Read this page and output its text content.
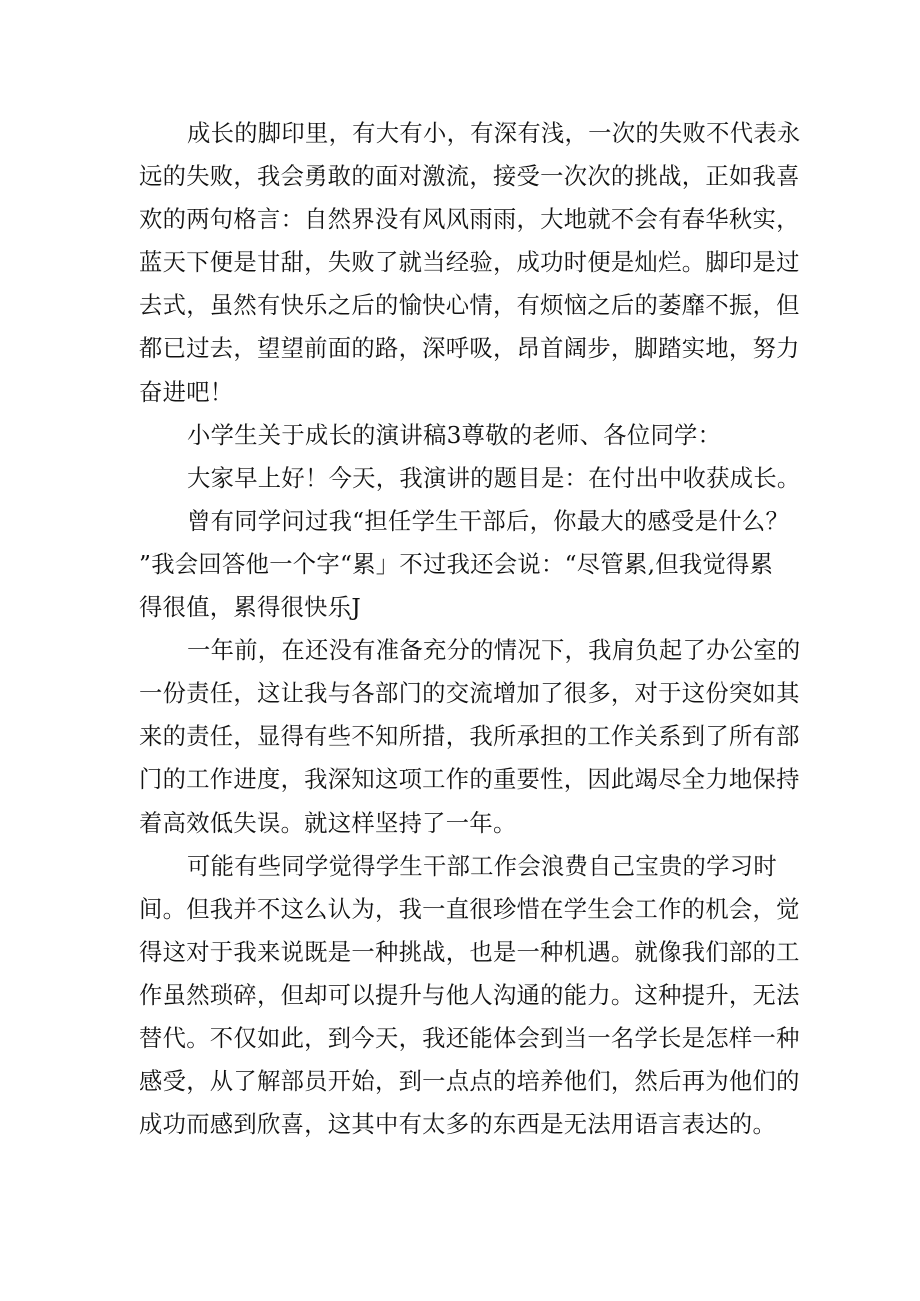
成长的脚印里，有大有小，有深有浅，一次的失败不代表永
远的失败，我会勇敢的面对激流，接受一次次的挑战，正如我喜
欢的两句格言：自然界没有风风雨雨，大地就不会有春华秋实，
蓝天下便是甘甜，失败了就当经验，成功时便是灿烂。脚印是过
去式，虽然有快乐之后的愉快心情，有烦恼之后的萎靡不振，但
都已过去，望望前面的路，深呼吸，昂首阔步，脚踏实地，努力
奋进吧！
小学生关于成长的演讲稿3尊敬的老师、各位同学：
大家早上好！今天，我演讲的题目是：在付出中收获成长。
曾有同学问过我“担任学生干部后，你最大的感受是什么？
”我会回答他一个字“累」不过我还会说：“尽管累,但我觉得累
得很值，累得很快乐J
一年前，在还没有准备充分的情况下，我肩负起了办公室的
一份责任，这让我与各部门的交流增加了很多，对于这份突如其
来的责任，显得有些不知所措，我所承担的工作关系到了所有部
门的工作进度，我深知这项工作的重要性，因此竭尽全力地保持
着高效低失误。就这样坚持了一年。
可能有些同学觉得学生干部工作会浪费自己宝贵的学习时
间。但我并不这么认为，我一直很珍惜在学生会工作的机会，觉
得这对于我来说既是一种挑战，也是一种机遇。就像我们部的工
作虽然琐碎，但却可以提升与他人沟通的能力。这种提升，无法
替代。不仅如此，到今天，我还能体会到当一名学长是怎样一种
感受，从了解部员开始，到一点点的培养他们，然后再为他们的
成功而感到欣喜，这其中有太多的东西是无法用语言表达的。
